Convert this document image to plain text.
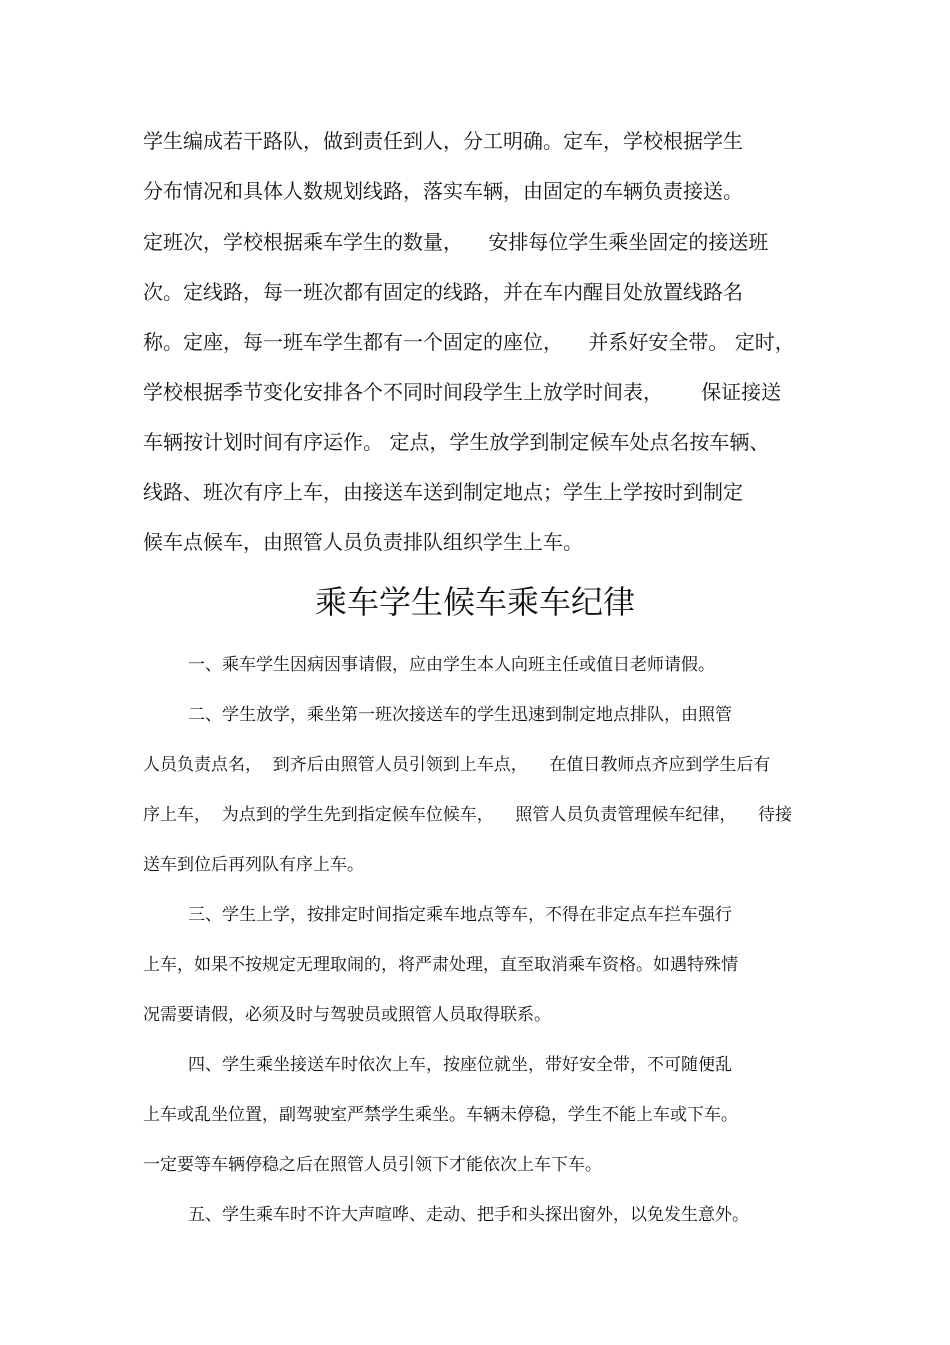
学生编成若干路队，做到责任到人，分工明确。定车，学校根据学生
分布情况和具体人数规划线路，落实车辆，由固定的车辆负责接送。
定班次，学校根据乘车学生的数量，    安排每位学生乘坐固定的接送班
次。定线路，每一班次都有固定的线路，并在车内醒目处放置线路名
称。定座，每一班车学生都有一个固定的座位，    并系好安全带。 定时，
学校根据季节变化安排各个不同时间段学生上放学时间表，      保证接送
车辆按计划时间有序运作。 定点，学生放学到制定候车处点名按车辆、
线路、班次有序上车，由接送车送到制定地点；学生上学按时到制定
候车点候车，由照管人员负责排队组织学生上车。
乘车学生候车乘车纪律
一、乘车学生因病因事请假，应由学生本人向班主任或值日老师请假。
二、学生放学，乘坐第一班次接送车的学生迅速到制定地点排队，由照管
人员负责点名，  到齐后由照管人员引领到上车点，    在值日教师点齐应到学生后有
序上车，  为点到的学生先到指定候车位候车，    照管人员负责管理候车纪律，    待接
送车到位后再列队有序上车。
三、学生上学，按排定时间指定乘车地点等车，不得在非定点车拦车强行
上车，如果不按规定无理取闹的，将严肃处理，直至取消乘车资格。如遇特殊情
况需要请假，必须及时与驾驶员或照管人员取得联系。
四、学生乘坐接送车时依次上车，按座位就坐，带好安全带，不可随便乱
上车或乱坐位置，副驾驶室严禁学生乘坐。车辆未停稳，学生不能上车或下车。
一定要等车辆停稳之后在照管人员引领下才能依次上车下车。
五、学生乘车时不许大声喧哗、走动、把手和头探出窗外，以免发生意外。
